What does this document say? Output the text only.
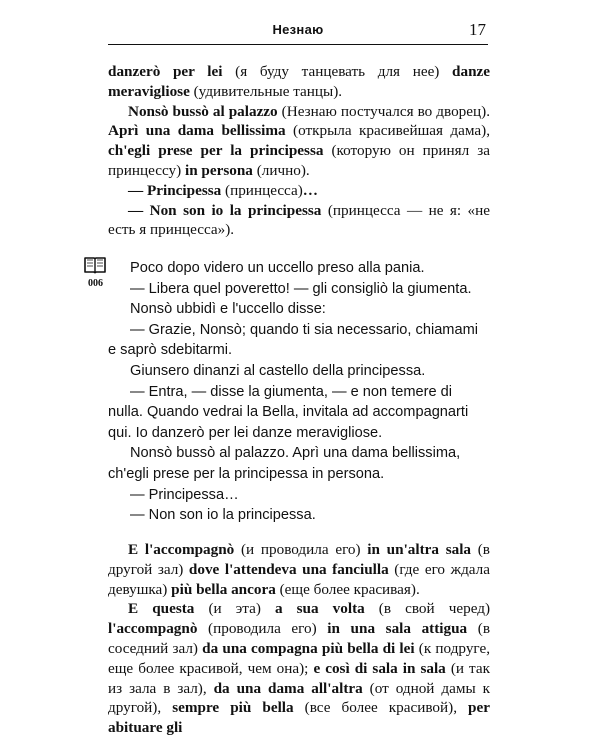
Незнаю	17

danzerò per lei (я буду танцевать для нее) danze meravigliose (удивительные танцы).

Nonsò bussò al palazzo (Незнаю постучался во дворец). Aprì una dama bellissima (открыла красивейшая дама), ch'egli prese per la principessa (которую он принял за принцессу) in persona (лично).

— Principessa (принцесса)…

— Non son io la principessa (принцесса — не я: «не есть я принцесса»).

006

Poco dopo videro un uccello preso alla pania.

— Libera quel poveretto! — gli consigliò la giumenta.

Nonsò ubbidì e l'uccello disse:

— Grazie, Nonsò; quando ti sia necessario, chiamami e saprò sdebitarmi.

Giunsero dinanzi al castello della principessa.

— Entra, — disse la giumenta, — e non temere di nulla. Quando vedrai la Bella, invitala ad accompagnarti qui. Io danzerò per lei danze meravigliose.

Nonsò bussò al palazzo. Aprì una dama bellissima, ch'egli prese per la principessa in persona.

— Principessa…

— Non son io la principessa.

E l'accompagnò (и проводила его) in un'altra sala (в другой зал) dove l'attendeva una fanciulla (где его ждала девушка) più bella ancora (еще более красивая).

E questa (и эта) a sua volta (в свой черед) l'accompagnò (проводила его) in una sala attigua (в соседний зал) da una compagna più bella di lei (к подруге, еще более красивой, чем она); e così di sala in sala (и так из зала в зал), da una dama all'altra (от одной дамы к другой), sempre più bella (все более красивой), per abituare gli
